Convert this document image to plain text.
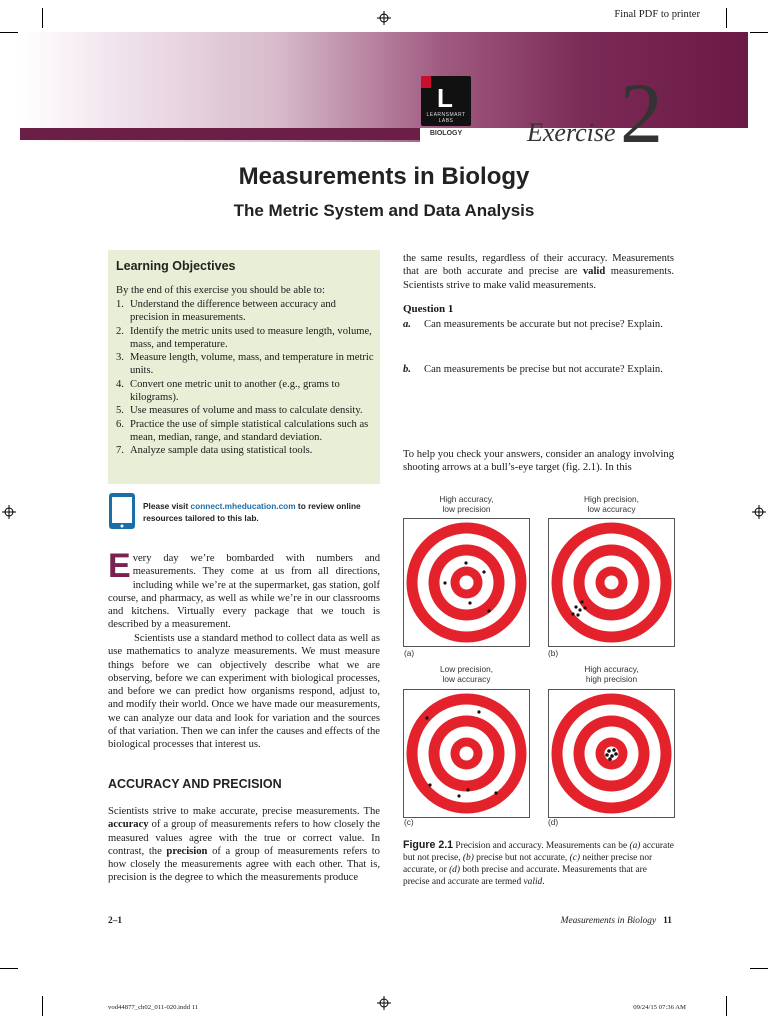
Final PDF to printer
L
LEARNSMART LABS
BIOLOGY	Exercise 2
Measurements in Biology
The Metric System and Data Analysis
Learning Objectives
By the end of this exercise you should be able to:
1. Understand the difference between accuracy and precision in measurements.
2. Identify the metric units used to measure length, volume, mass, and temperature.
3. Measure length, volume, mass, and temperature in metric units.
4. Convert one metric unit to another (e.g., grams to kilograms).
5. Use measures of volume and mass to calculate density.
6. Practice the use of simple statistical calculations such as mean, median, range, and standard deviation.
7. Analyze sample data using statistical tools.
Please visit connect.mheducation.com to review online resources tailored to this lab.
Every day we’re bombarded with numbers and measurements. They come at us from all directions, including while we’re at the supermarket, gas station, golf course, and pharmacy, as well as while we’re in our classrooms and kitchens. Virtually every package that we touch is described by a measurement.
Scientists use a standard method to collect data as well as use mathematics to analyze measurements. We must measure things before we can objectively describe what we are observing, before we can experiment with biological processes, and before we can predict how organisms respond, adjust to, and modify their world. Once we have made our measurements, we can analyze our data and look for variation and the sources of that variation. Then we can infer the causes and effects of the biological processes that interest us.
ACCURACY AND PRECISION
Scientists strive to make accurate, precise measurements. The accuracy of a group of measurements refers to how closely the measured values agree with the true or correct value. In contrast, the precision of a group of measurements refers to how closely the measurements agree with each other. That is, precision is the degree to which the measurements produce
the same results, regardless of their accuracy. Measurements that are both accurate and precise are valid measurements. Scientists strive to make valid measurements.
Question 1
a.	Can measurements be accurate but not precise? Explain.
b.	Can measurements be precise but not accurate? Explain.
To help you check your answers, consider an analogy involving shooting arrows at a bull’s-eye target (fig. 2.1). In this
High accuracy,
low precision
High precision,
low accuracy
Low precision,
low accuracy
High accuracy,
high precision
(a)	(b)
(c)	(d)
Figure 2.1 Precision and accuracy. Measurements can be (a) accurate but not precise, (b) precise but not accurate, (c) neither precise nor accurate, or (d) both precise and accurate. Measurements that are precise and accurate are termed valid.
2–1	Measurements in Biology 11
vod44877_ch02_011-020.indd 11	09/24/15 07:36 AM
